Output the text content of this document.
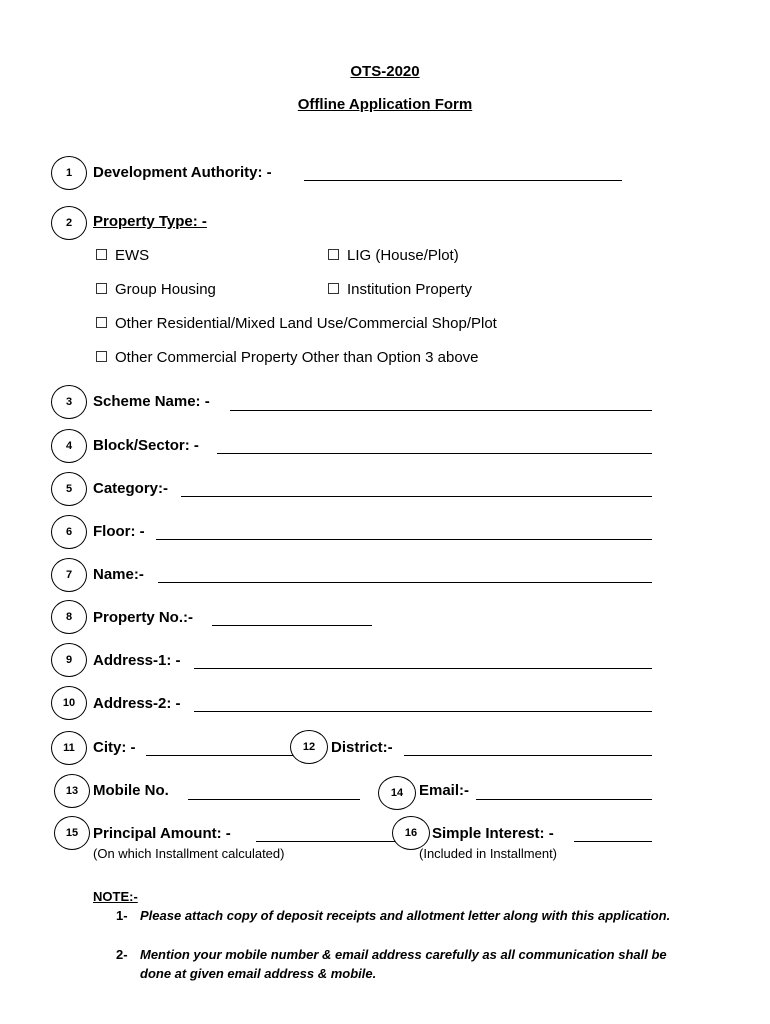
OTS-2020
Offline Application Form
1	Development Authority: -
2	Property Type: -
EWS	LIG (House/Plot)
Group Housing	Institution Property
Other Residential/Mixed Land Use/Commercial Shop/Plot
Other Commercial Property Other than Option 3 above
3	Scheme Name: -
4	Block/Sector: -
5	Category:-
6	Floor: -
7	Name:-
8	Property No.:-
9	Address-1: -
10	Address-2: -
11	City: -	12	District:-
13 Mobile No.	14	Email:-
15 Principal Amount: -
(On which Installment calculated)
16 Simple Interest: -
(Included in Installment)
NOTE:-
1- Please attach copy of deposit receipts and allotment letter along with this application.
2- Mention your mobile number & email address carefully as all communication shall be done at given email address & mobile.
